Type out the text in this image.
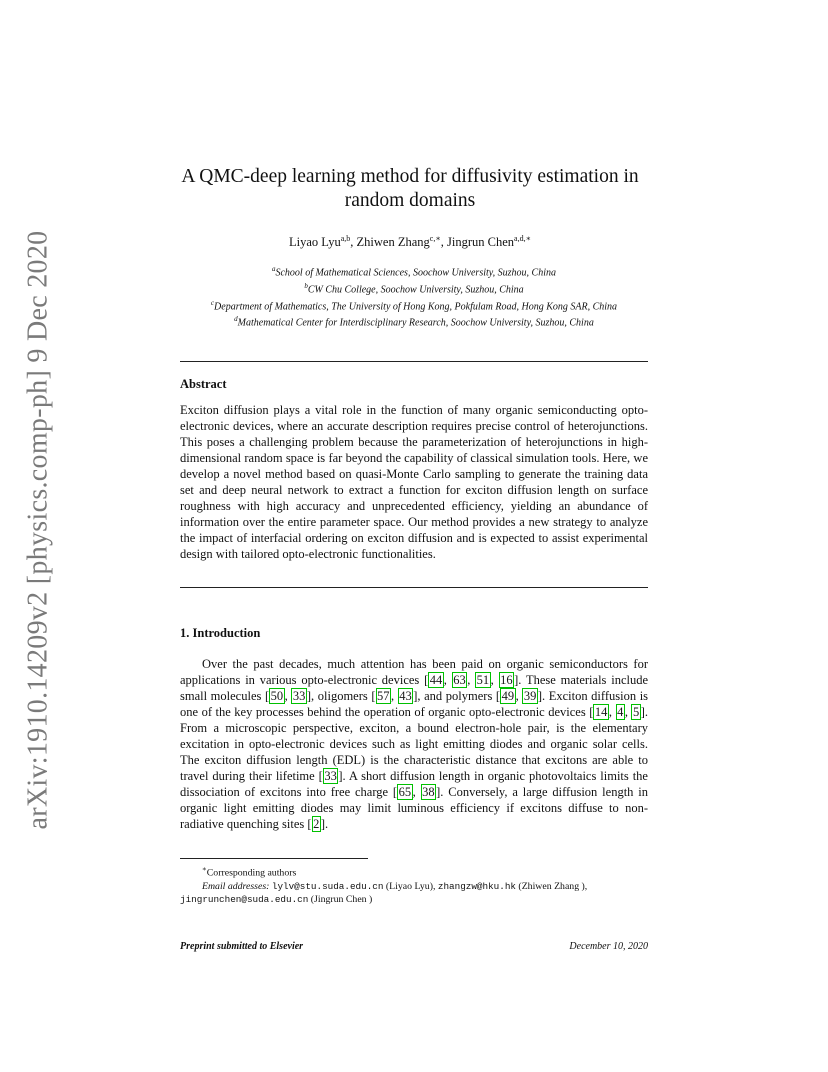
arXiv:1910.14209v2 [physics.comp-ph] 9 Dec 2020
A QMC-deep learning method for diffusivity estimation in
random domains
Liyao Lyu$^{a,b}$, Zhiwen Zhang$^{c,∗}$, Jingrun Chen$^{a,d,∗}$
$^a$School of Mathematical Sciences, Soochow University, Suzhou, China
$^b$CW Chu College, Soochow University, Suzhou, China
$^c$Department of Mathematics, The University of Hong Kong, Pokfulam Road, Hong Kong SAR, China
$^d$Mathematical Center for Interdisciplinary Research, Soochow University, Suzhou, China
Abstract
Exciton diffusion plays a vital role in the function of many organic semiconducting opto-electronic devices, where an accurate description requires precise control of heterojunctions. This poses a challenging problem because the parameterization of heterojunctions in high-dimensional random space is far beyond the capability of classical simulation tools. Here, we develop a novel method based on quasi-Monte Carlo sampling to generate the training data set and deep neural network to extract a function for exciton diffusion length on surface roughness with high accuracy and unprecedented efficiency, yielding an abundance of information over the entire parameter space. Our method provides a new strategy to analyze the impact of interfacial ordering on exciton diffusion and is expected to assist experimental design with tailored opto-electronic functionalities.
1. Introduction

Over the past decades, much attention has been paid on organic semiconductors for applications in various opto-electronic devices [ 44 , 63 , 51 , 16 ]. These materials include small molecules [ 50 , 33 ], oligomers [ 57 , 43 ], and polymers [ 49 , 39 ]. Exciton diffusion is one of the key processes behind the operation of organic opto-electronic devices [ 14 , 4 , 5 ]. From a microscopic perspective, exciton, a bound electron-hole pair, is the elementary excitation in opto-electronic devices such as light emitting diodes and organic solar cells. The exciton diffusion length (EDL) is the characteristic distance that excitons are able to travel during their lifetime [ 33 ]. A short diffusion length in organic photovoltaics limits the dissociation of excitons into free charge [ 65 , 38 ]. Conversely, a large diffusion length in organic light emitting diodes may limit luminous efficiency if excitons diffuse to non-radiative quenching sites [ 2 ].

∗Corresponding authors
Email addresses: lylv@stu.suda.edu.cn (Liyao Lyu), zhangzw@hku.hk (Zhiwen Zhang ),
jingrunchen@suda.edu.cn (Jingrun Chen )
Preprint submitted to Elsevier	December 10, 2020
